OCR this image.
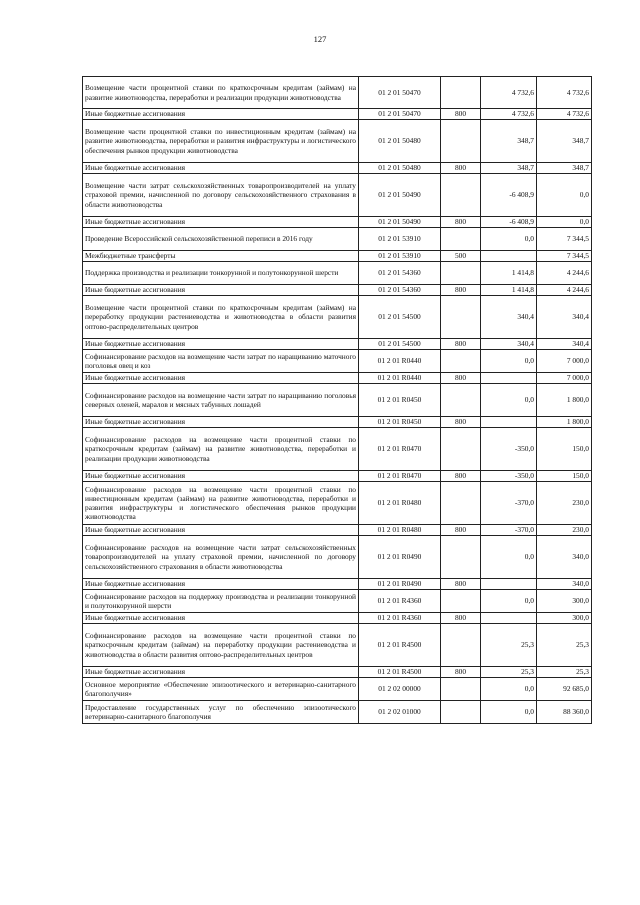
127
Возмещение части процентной ставки по краткосрочным кредитам (займам) на развитие животноводства, переработки и реализации продукции животноводства	01 2 01 50470		4 732,6	4 732,6
Иные бюджетные ассигнования	01 2 01 50470	800	4 732,6	4 732,6
Возмещение части процентной ставки по инвестиционным кредитам (займам) на развитие животноводства, переработки и развития инфраструктуры и логистического обеспечения рынков продукции животноводства	01 2 01 50480		348,7	348,7
Иные бюджетные ассигнования	01 2 01 50480	800	348,7	348,7
Возмещение части затрат сельскохозяйственных товаропроизводителей на уплату страховой премии, начисленной по договору сельскохозяйственного страхования в области животноводства	01 2 01 50490		-6 408,9	0,0
Иные бюджетные ассигнования	01 2 01 50490	800	-6 408,9	0,0
Проведение Всероссийской сельскохозяйственной переписи в 2016 году	01 2 01 53910		0,0	7 344,5
Межбюджетные трансферты	01 2 01 53910	500		7 344,5
Поддержка производства и реализации тонкорунной и полутонкорунной шерсти	01 2 01 54360		1 414,8	4 244,6
Иные бюджетные ассигнования	01 2 01 54360	800	1 414,8	4 244,6
Возмещение части процентной ставки по краткосрочным кредитам (займам) на переработку продукции растениеводства и животноводства в области развития оптово-распределительных центров	01 2 01 54500		340,4	340,4
Иные бюджетные ассигнования	01 2 01 54500	800	340,4	340,4
Софинансирование расходов на возмещение части затрат по наращиванию маточного поголовья овец и коз	01 2 01 R0440		0,0	7 000,0
Иные бюджетные ассигнования	01 2 01 R0440	800		7 000,0
Софинансирование расходов на возмещение части затрат по наращиванию поголовья северных оленей, маралов и мясных табунных лошадей	01 2 01 R0450		0,0	1 800,0
Иные бюджетные ассигнования	01 2 01 R0450	800		1 800,0
Софинансирование расходов на возмещение части процентной ставки по краткосрочным кредитам (займам) на развитие животноводства, переработки и реализации продукции животноводства	01 2 01 R0470		-350,0	150,0
Иные бюджетные ассигнования	01 2 01 R0470	800	-350,0	150,0
Софинансирование расходов на возмещение части процентной ставки по инвестиционным кредитам (займам) на развитие животноводства, переработки и развития инфраструктуры и логистического обеспечения рынков продукции животноводства	01 2 01 R0480		-370,0	230,0
Иные бюджетные ассигнования	01 2 01 R0480	800	-370,0	230,0
Софинансирование расходов на возмещение части затрат сельскохозяйственных товаропроизводителей на уплату страховой премии, начисленной по договору сельскохозяйственного страхования в области животноводства	01 2 01 R0490		0,0	340,0
Иные бюджетные ассигнования	01 2 01 R0490	800		340,0
Софинансирование расходов на поддержку производства и реализации тонкорунной и полутонкорунной шерсти	01 2 01 R4360		0,0	300,0
Иные бюджетные ассигнования	01 2 01 R4360	800		300,0
Софинансирование расходов на возмещение части процентной ставки по краткосрочным кредитам (займам) на переработку продукции растениеводства и животноводства в области развития оптово-распределительных центров	01 2 01 R4500		25,3	25,3
Иные бюджетные ассигнования	01 2 01 R4500	800	25,3	25,3
Основное мероприятие «Обеспечение эпизоотического и ветеринарно-санитарного благополучия»	01 2 02 00000		0,0	92 685,0
Предоставление государственных услуг по обеспечению эпизоотического ветеринарно-санитарного благополучия	01 2 02 01000		0,0	88 360,0
